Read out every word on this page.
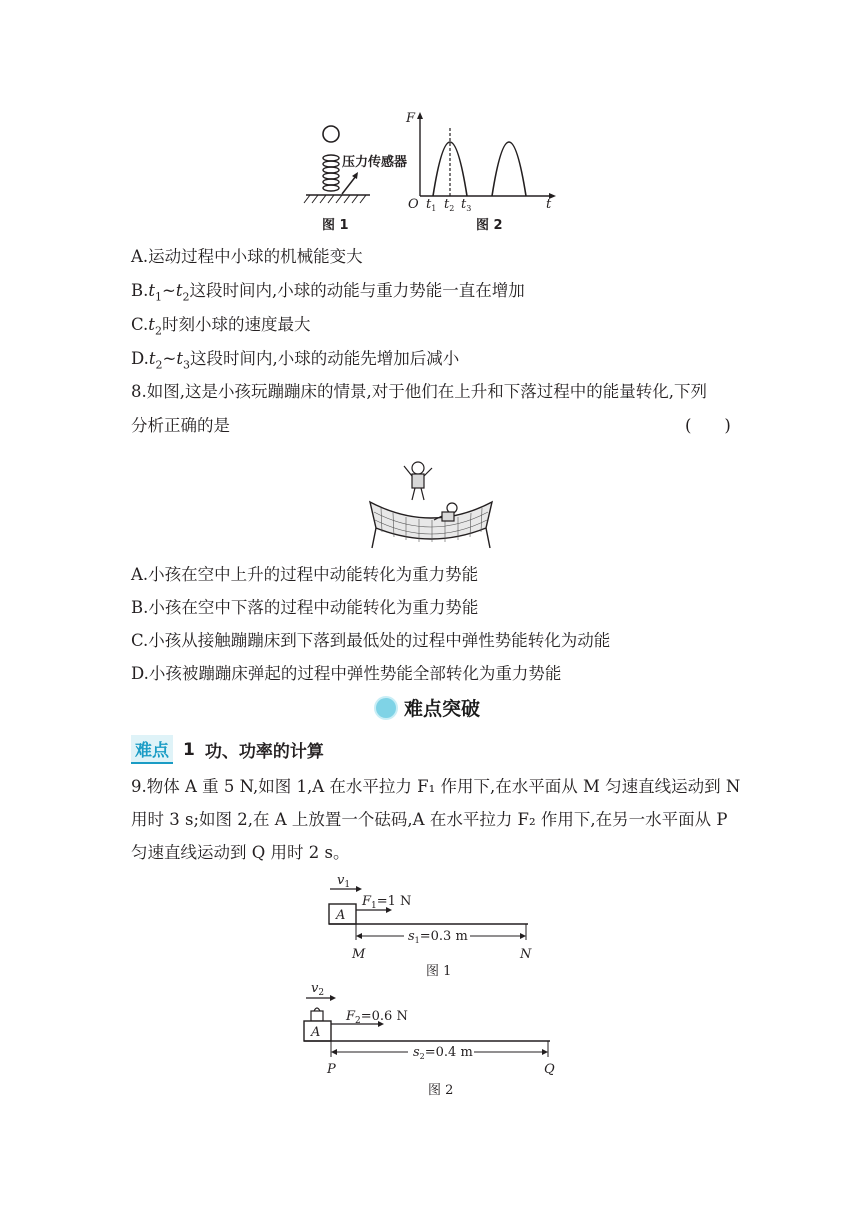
压力传感器
图 1
F
t
O $t_1$ $t_2$ $t_3$
图 2
A.运动过程中小球的机械能变大
$B.t_1\sim t_2$这段时间内,小球的动能与重力势能一直在增加
$C.t_2$时刻小球的速度最大
$D.t_2\sim t_3$这段时间内,小球的动能先增加后减小
8.如图,这是小孩玩蹦蹦床的情景,对于他们在上升和下落过程中的能量转化,下列
分析正确的是	(　　)
A.小孩在空中上升的过程中动能转化为重力势能
B.小孩在空中下落的过程中动能转化为重力势能
C.小孩从接触蹦蹦床到下落到最低处的过程中弹性势能转化为动能
D.小孩被蹦蹦床弹起的过程中弹性势能全部转化为重力势能
难点突破
难点 1 功、功率的计算
9.物体 A 重 5 N,如图 1,A 在水平拉力 F₁ 作用下,在水平面从 M 匀速直线运动到 N
用时 3 s;如图 2,在 A 上放置一个砝码,A 在水平拉力 F₂ 作用下,在另一水平面从 P
匀速直线运动到 Q 用时 2 s。
$v_1$
A
$F_1=1$ N
$s_1=0.3$ m
M	N
图 1
$v_2$
A
$F_2=0.6$ N
$s_2=0.4$ m
P	Q
图 2
